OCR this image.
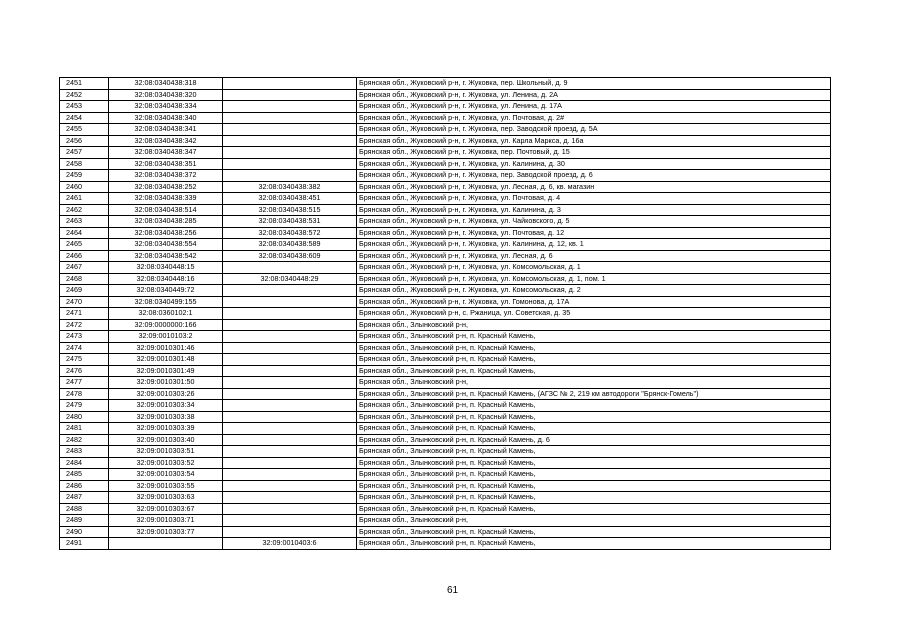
2451	32:08:0340438:318		Брянская обл., Жуковский р-н, г. Жуковка, пер. Школьный, д. 9
2452	32:08:0340438:320		Брянская обл., Жуковский р-н, г. Жуковка, ул. Ленина, д. 2А
2453	32:08:0340438:334		Брянская обл., Жуковский р-н, г. Жуковка, ул. Ленина, д. 17А
2454	32:08:0340438:340		Брянская обл., Жуковский р-н, г. Жуковка, ул. Почтовая, д. 2#
2455	32:08:0340438:341		Брянская обл., Жуковский р-н, г. Жуковка, пер. Заводской проезд, д. 5А
2456	32:08:0340438:342		Брянская обл., Жуковский р-н, г. Жуковка, ул. Карла Маркса, д. 16а
2457	32:08:0340438:347		Брянская обл., Жуковский р-н, г. Жуковка, пер. Почтовый, д. 15
2458	32:08:0340438:351		Брянская обл., Жуковский р-н, г. Жуковка, ул. Калинина, д. 30
2459	32:08:0340438:372		Брянская обл., Жуковский р-н, г. Жуковка, пер. Заводской проезд, д. 6
2460	32:08:0340438:252	32:08:0340438:382	Брянская обл., Жуковский р-н, г. Жуковка, ул. Лесная, д. 6, кв. магазин
2461	32:08:0340438:339	32:08:0340438:451	Брянская обл., Жуковский р-н, г. Жуковка, ул. Почтовая, д. 4
2462	32:08:0340438:514	32:08:0340438:515	Брянская обл., Жуковский р-н, г. Жуковка, ул. Калинина, д. 3
2463	32:08:0340438:285	32:08:0340438:531	Брянская обл., Жуковский р-н, г. Жуковка, ул. Чайковского, д. 5
2464	32:08:0340438:256	32:08:0340438:572	Брянская обл., Жуковский р-н, г. Жуковка, ул. Почтовая, д. 12
2465	32:08:0340438:554	32:08:0340438:589	Брянская обл., Жуковский р-н, г. Жуковка, ул. Калинина, д. 12, кв. 1
2466	32:08:0340438:542	32:08:0340438:609	Брянская обл., Жуковский р-н, г. Жуковка, ул. Лесная, д. 6
2467	32:08:0340448:15		Брянская обл., Жуковский р-н, г. Жуковка, ул. Комсомольская, д. 1
2468	32:08:0340448:16	32:08:0340448:29	Брянская обл., Жуковский р-н, г. Жуковка, ул. Комсомольская, д. 1, пом. 1
2469	32:08:0340449:72		Брянская обл., Жуковский р-н, г. Жуковка, ул. Комсомольская, д. 2
2470	32:08:0340499:155		Брянская обл., Жуковский р-н, г. Жуковка, ул. Гомонова, д. 17А
2471	32:08:0360102:1		Брянская обл., Жуковский р-н, с. Ржаница, ул. Советская, д. 35
2472	32:09:0000000:166		Брянская обл., Злынковский р-н,
2473	32:09:0010103:2		Брянская обл., Злынковский р-н, п. Красный Камень,
2474	32:09:0010301:46		Брянская обл., Злынковский р-н, п. Красный Камень,
2475	32:09:0010301:48		Брянская обл., Злынковский р-н, п. Красный Камень,
2476	32:09:0010301:49		Брянская обл., Злынковский р-н, п. Красный Камень,
2477	32:09:0010301:50		Брянская обл., Злынковский р-н,
2478	32:09:0010303:26		Брянская обл., Злынковский р-н, п. Красный Камень, (АГЗС № 2, 219 км автодороги "Брянск-Гомель")
2479	32:09:0010303:34		Брянская обл., Злынковский р-н, п. Красный Камень,
2480	32:09:0010303:38		Брянская обл., Злынковский р-н, п. Красный Камень,
2481	32:09:0010303:39		Брянская обл., Злынковский р-н, п. Красный Камень,
2482	32:09:0010303:40		Брянская обл., Злынковский р-н, п. Красный Камень, д. 6
2483	32:09:0010303:51		Брянская обл., Злынковский р-н, п. Красный Камень,
2484	32:09:0010303:52		Брянская обл., Злынковский р-н, п. Красный Камень,
2485	32:09:0010303:54		Брянская обл., Злынковский р-н, п. Красный Камень,
2486	32:09:0010303:55		Брянская обл., Злынковский р-н, п. Красный Камень,
2487	32:09:0010303:63		Брянская обл., Злынковский р-н, п. Красный Камень,
2488	32:09:0010303:67		Брянская обл., Злынковский р-н, п. Красный Камень,
2489	32:09:0010303:71		Брянская обл., Злынковский р-н,
2490	32:09:0010303:77		Брянская обл., Злынковский р-н, п. Красный Камень,
2491		32:09:0010403:6	Брянская обл., Злынковский р-н, п. Красный Камень,
61
